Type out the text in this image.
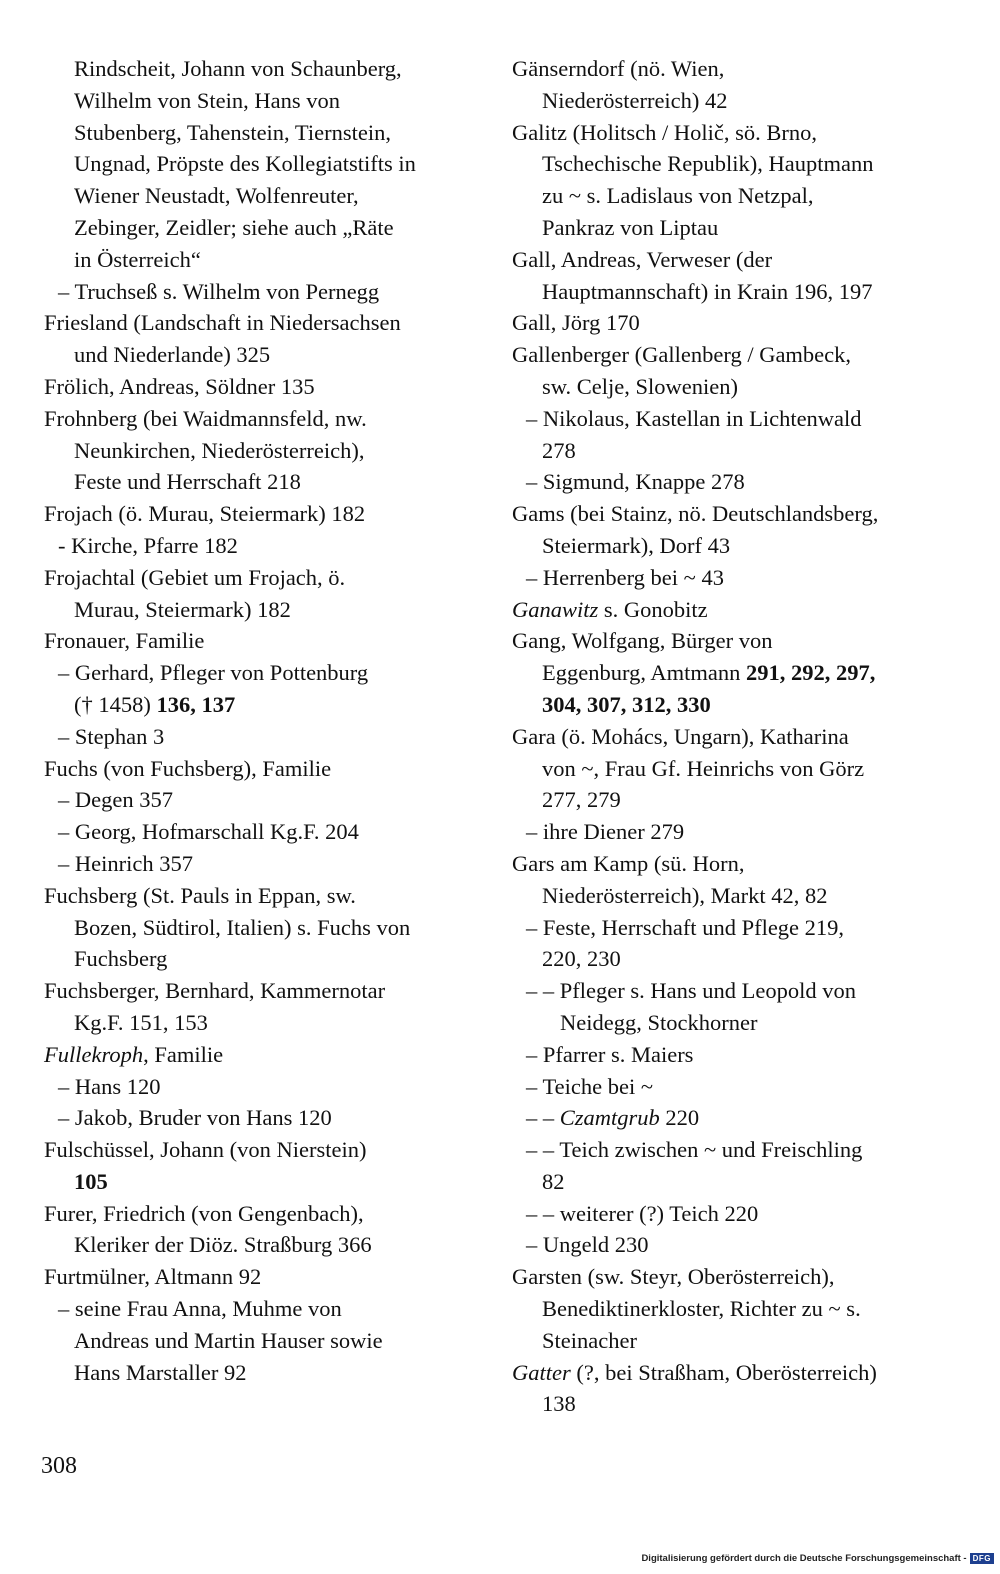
Rindscheit, Johann von Schaunberg,
Wilhelm von Stein, Hans von
Stubenberg, Tahenstein, Tiernstein,
Ungnad, Pröpste des Kollegiatstifts in
Wiener Neustadt, Wolfenreuter,
Zebinger, Zeidler; siehe auch „Räte
in Österreich“
– Truchseß s. Wilhelm von Pernegg
Friesland (Landschaft in Niedersachsen
und Niederlande) 325
Frölich, Andreas, Söldner 135
Frohnberg (bei Waidmannsfeld, nw.
Neunkirchen, Niederösterreich),
Feste und Herrschaft 218
Frojach (ö. Murau, Steiermark) 182
- Kirche, Pfarre 182
Frojachtal (Gebiet um Frojach, ö.
Murau, Steiermark) 182
Fronauer, Familie
– Gerhard, Pfleger von Pottenburg
(† 1458) 136, 137
– Stephan 3
Fuchs (von Fuchsberg), Familie
– Degen 357
– Georg, Hofmarschall Kg.F. 204
– Heinrich 357
Fuchsberg (St. Pauls in Eppan, sw.
Bozen, Südtirol, Italien) s. Fuchs von
Fuchsberg
Fuchsberger, Bernhard, Kammernotar
Kg.F. 151, 153
Fullekroph, Familie
– Hans 120
– Jakob, Bruder von Hans 120
Fulschüssel, Johann (von Nierstein)
105
Furer, Friedrich (von Gengenbach),
Kleriker der Diöz. Straßburg 366
Furtmülner, Altmann 92
– seine Frau Anna, Muhme von
Andreas und Martin Hauser sowie
Hans Marstaller 92
Gänserndorf (nö. Wien,
Niederösterreich) 42
Galitz (Holitsch / Holič, sö. Brno,
Tschechische Republik), Hauptmann
zu ~ s. Ladislaus von Netzpal,
Pankraz von Liptau
Gall, Andreas, Verweser (der
Hauptmannschaft) in Krain 196, 197
Gall, Jörg 170
Gallenberger (Gallenberg / Gambeck,
sw. Celje, Slowenien)
– Nikolaus, Kastellan in Lichtenwald
278
– Sigmund, Knappe 278
Gams (bei Stainz, nö. Deutschlandsberg,
Steiermark), Dorf 43
– Herrenberg bei ~ 43
Ganawitz s. Gonobitz
Gang, Wolfgang, Bürger von
Eggenburg, Amtmann 291, 292, 297,
304, 307, 312, 330
Gara (ö. Mohács, Ungarn), Katharina
von ~, Frau Gf. Heinrichs von Görz
277, 279
– ihre Diener 279
Gars am Kamp (sü. Horn,
Niederösterreich), Markt 42, 82
– Feste, Herrschaft und Pflege 219,
220, 230
– – Pfleger s. Hans und Leopold von
Neidegg, Stockhorner
– Pfarrer s. Maiers
– Teiche bei ~
– – Czamtgrub 220
– – Teich zwischen ~ und Freischling
82
– – weiterer (?) Teich 220
– Ungeld 230
Garsten (sw. Steyr, Oberösterreich),
Benediktinerkloster, Richter zu ~ s.
Steinacher
Gatter (?, bei Straßham, Oberösterreich)
138
308
Digitalisierung gefördert durch die Deutsche Forschungsgemeinschaft - DFG
